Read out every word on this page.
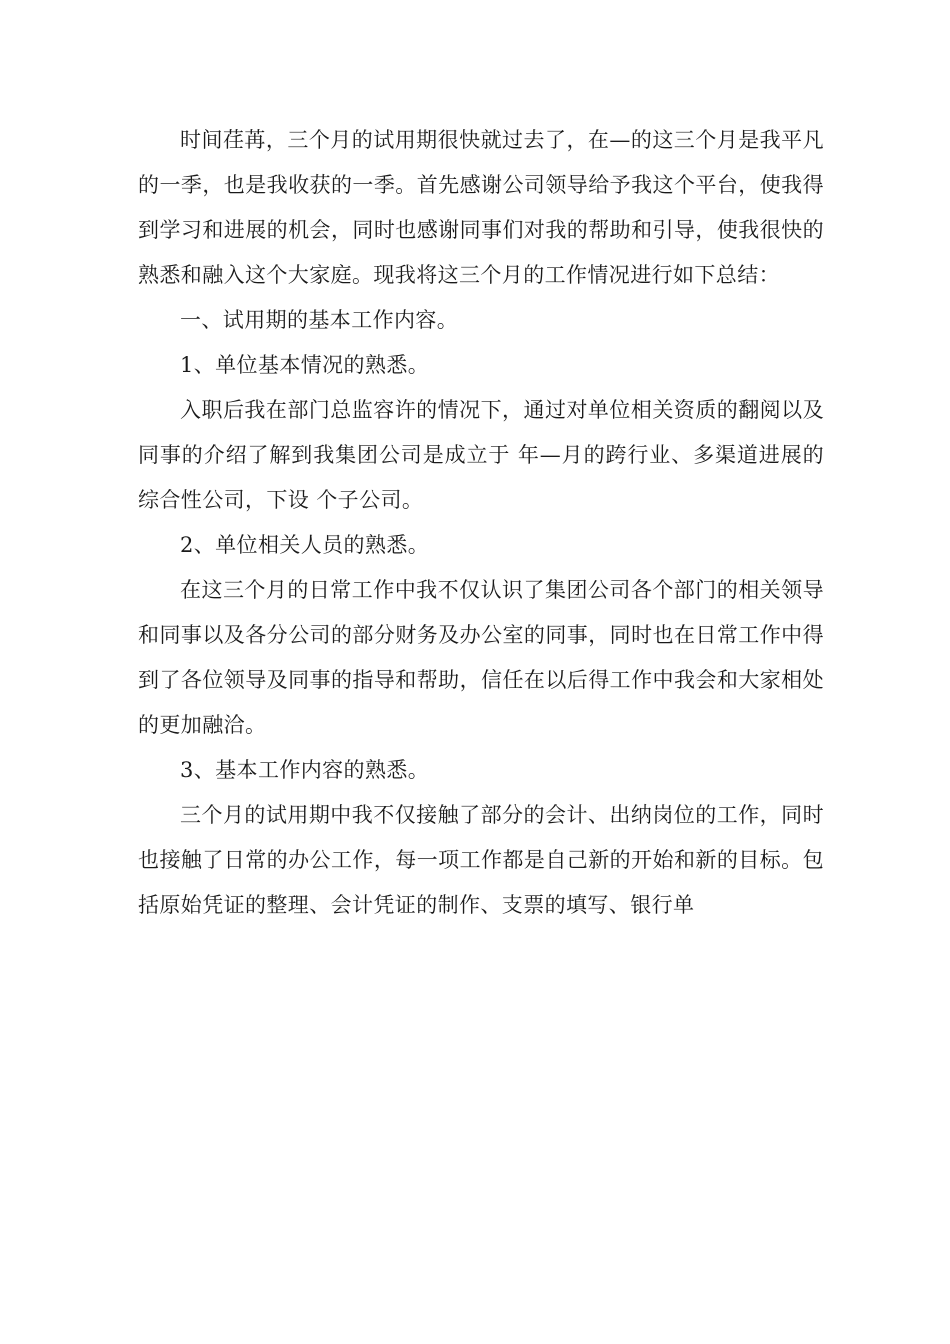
时间荏苒，三个月的试用期很快就过去了，在—的这三个月是我平凡的一季，也是我收获的一季。首先感谢公司领导给予我这个平台，使我得到学习和进展的机会，同时也感谢同事们对我的帮助和引导，使我很快的熟悉和融入这个大家庭。现我将这三个月的工作情况进行如下总结：

一、试用期的基本工作内容。

1、单位基本情况的熟悉。

入职后我在部门总监容许的情况下，通过对单位相关资质的翻阅以及同事的介绍了解到我集团公司是成立于 年—月的跨行业、多渠道进展的综合性公司，下设 个子公司。

2、单位相关人员的熟悉。

在这三个月的日常工作中我不仅认识了集团公司各个部门的相关领导和同事以及各分公司的部分财务及办公室的同事，同时也在日常工作中得到了各位领导及同事的指导和帮助，信任在以后得工作中我会和大家相处的更加融洽。

3、基本工作内容的熟悉。

三个月的试用期中我不仅接触了部分的会计、出纳岗位的工作，同时也接触了日常的办公工作，每一项工作都是自己新的开始和新的目标。包括原始凭证的整理、会计凭证的制作、支票的填写、银行单
